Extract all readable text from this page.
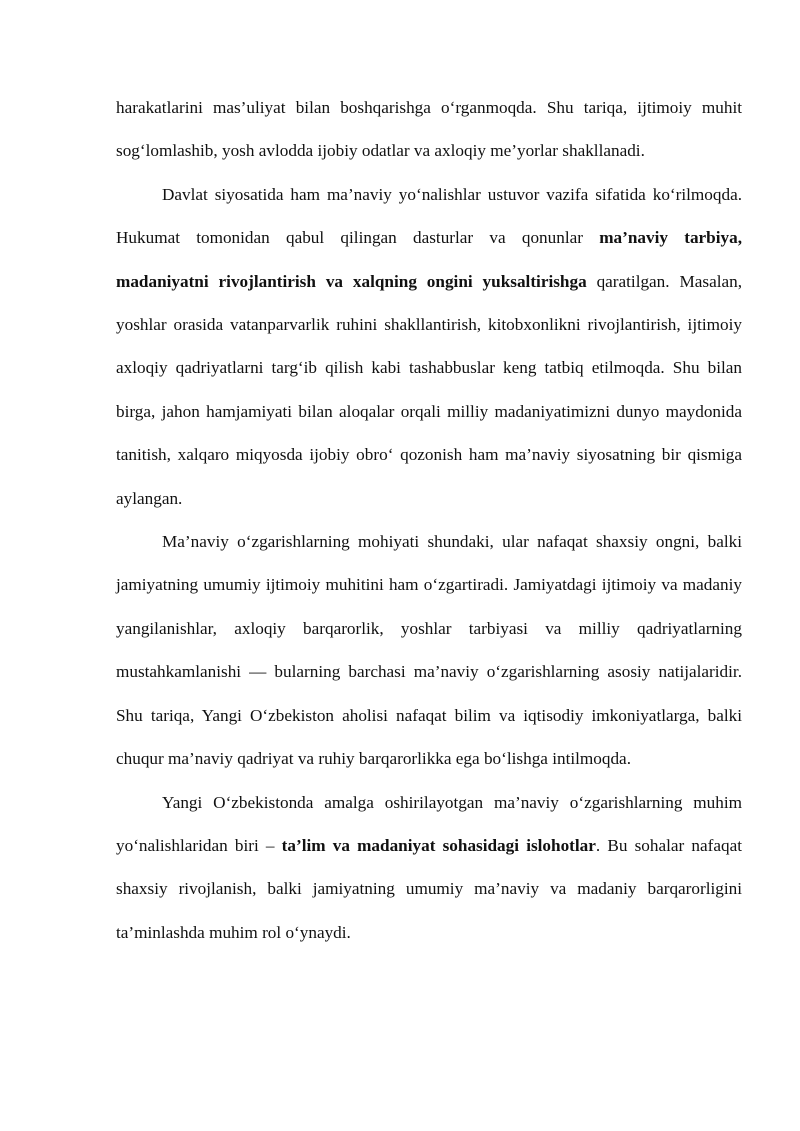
harakatlarini mas’uliyat bilan boshqarishga o‘rganmoqda. Shu tariqa, ijtimoiy muhit sog‘lomlashib, yosh avlodda ijobiy odatlar va axloqiy me’yorlar shakllanadi.

Davlat siyosatida ham ma’naviy yo‘nalishlar ustuvor vazifa sifatida ko‘rilmoqda. Hukumat tomonidan qabul qilingan dasturlar va qonunlar ma’naviy tarbiya, madaniyatni rivojlantirish va xalqning ongini yuksaltirishga qaratilgan. Masalan, yoshlar orasida vatanparvarlik ruhini shakllantirish, kitobxonlikni rivojlantirish, ijtimoiy axloqiy qadriyatlarni targ‘ib qilish kabi tashabbuslar keng tatbiq etilmoqda. Shu bilan birga, jahon hamjamiyati bilan aloqalar orqali milliy madaniyatimizni dunyo maydonida tanitish, xalqaro miqyosda ijobiy obro‘ qozonish ham ma’naviy siyosatning bir qismiga aylangan.

Ma’naviy o‘zgarishlarning mohiyati shundaki, ular nafaqat shaxsiy ongni, balki jamiyatning umumiy ijtimoiy muhitini ham o‘zgartiradi. Jamiyatdagi ijtimoiy va madaniy yangilanishlar, axloqiy barqarorlik, yoshlar tarbiyasi va milliy qadriyatlarning mustahkamlanishi — bularning barchasi ma’naviy o‘zgarishlarning asosiy natijalaridir. Shu tariqa, Yangi O‘zbekiston aholisi nafaqat bilim va iqtisodiy imkoniyatlarga, balki chuqur ma’naviy qadriyat va ruhiy barqarorlikka ega bo‘lishga intilmoqda.

Yangi O‘zbekistonda amalga oshirilayotgan ma’naviy o‘zgarishlarning muhim yo‘nalishlaridan biri – ta’lim va madaniyat sohasidagi islohotlar. Bu sohalar nafaqat shaxsiy rivojlanish, balki jamiyatning umumiy ma’naviy va madaniy barqarorligini ta’minlashda muhim rol o‘ynaydi.
